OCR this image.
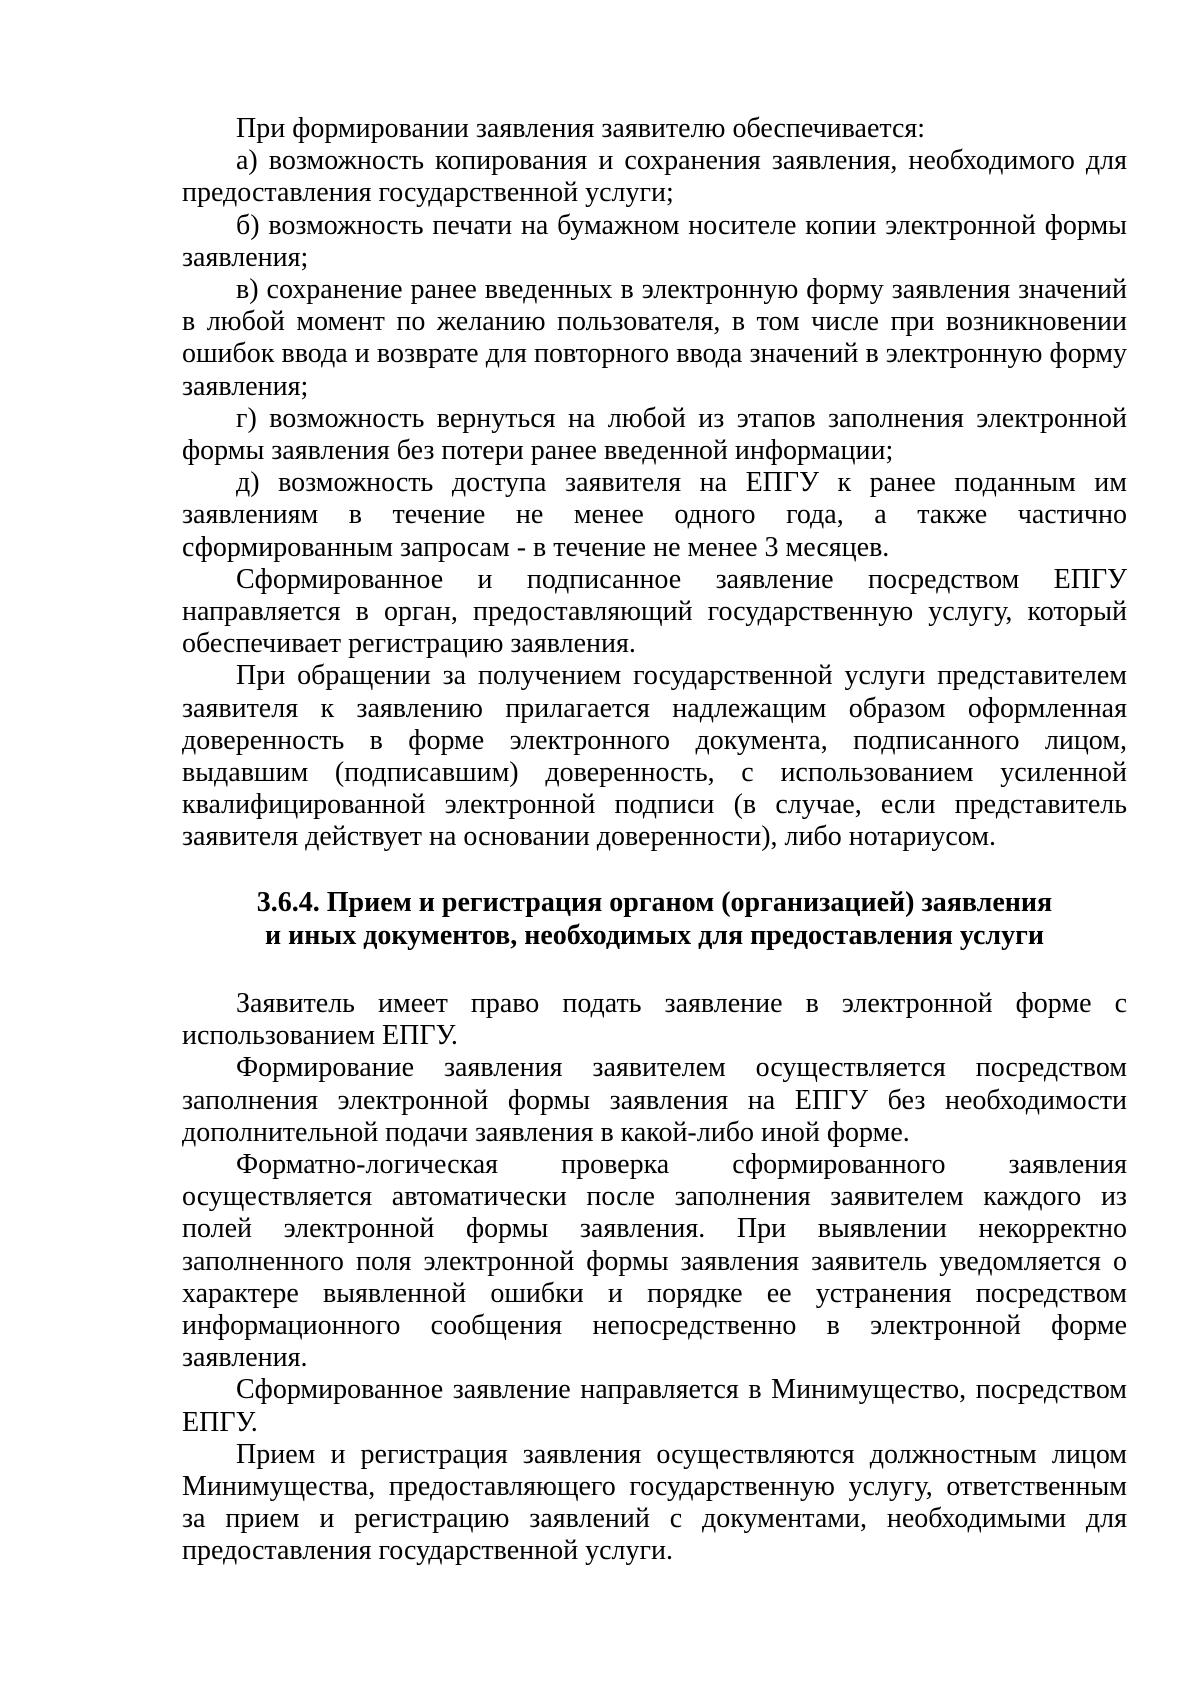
При формировании заявления заявителю обеспечивается:

а) возможность копирования и сохранения заявления, необходимого для предоставления государственной услуги;

б) возможность печати на бумажном носителе копии электронной формы заявления;

в) сохранение ранее введенных в электронную форму заявления значений в любой момент по желанию пользователя, в том числе при возникновении ошибок ввода и возврате для повторного ввода значений в электронную форму заявления;

г) возможность вернуться на любой из этапов заполнения электронной формы заявления без потери ранее введенной информации;

д) возможность доступа заявителя на ЕПГУ к ранее поданным им заявлениям в течение не менее одного года, а также частично сформированным запросам - в течение не менее 3 месяцев.

Сформированное и подписанное заявление посредством ЕПГУ направляется в орган, предоставляющий государственную услугу, который обеспечивает регистрацию заявления.

При обращении за получением государственной услуги представителем заявителя к заявлению прилагается надлежащим образом оформленная доверенность в форме электронного документа, подписанного лицом, выдавшим (подписавшим) доверенность, с использованием усиленной квалифицированной электронной подписи (в случае, если представитель заявителя действует на основании доверенности), либо нотариусом.

3.6.4. Прием и регистрация органом (организацией) заявления
и иных документов, необходимых для предоставления услуги

Заявитель имеет право подать заявление в электронной форме с использованием ЕПГУ.

Формирование заявления заявителем осуществляется посредством заполнения электронной формы заявления на ЕПГУ без необходимости дополнительной подачи заявления в какой-либо иной форме.

Форматно-логическая проверка сформированного заявления осуществляется автоматически после заполнения заявителем каждого из полей электронной формы заявления. При выявлении некорректно заполненного поля электронной формы заявления заявитель уведомляется о характере выявленной ошибки и порядке ее устранения посредством информационного сообщения непосредственно в электронной форме заявления.

Сформированное заявление направляется в Минимущество, посредством ЕПГУ.

Прием и регистрация заявления осуществляются должностным лицом Минимущества, предоставляющего государственную услугу, ответственным за прием и регистрацию заявлений с документами, необходимыми для предоставления государственной услуги.
